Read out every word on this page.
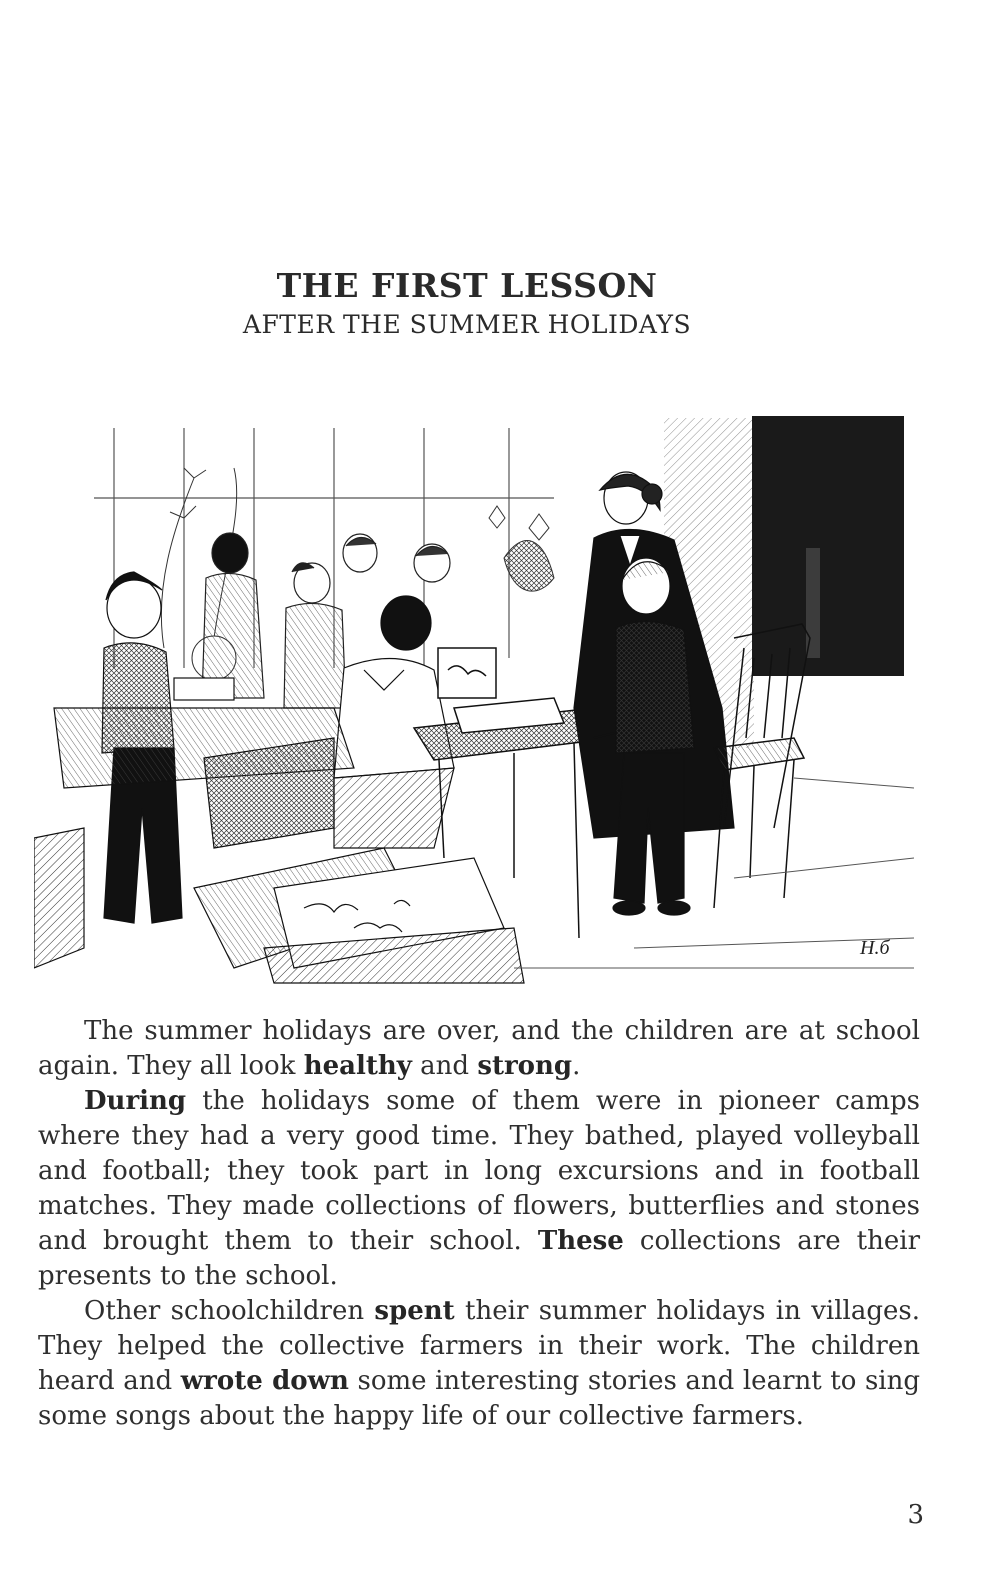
THE FIRST LESSON
AFTER THE SUMMER HOLIDAYS
Н.б

The summer holidays are over, and the children are at school again. They all look healthy and strong.

During the holidays some of them were in pioneer camps where they had a very good time. They bathed, played volleyball and football; they took part in long excursions and in football matches. They made collections of flowers, butterflies and stones and brought them to their school. These collections are their presents to the school.

Other schoolchildren spent their summer holidays in villages. They helped the collective farmers in their work. The children heard and wrote down some interesting stories and learnt to sing some songs about the happy life of our collective farmers.

3
